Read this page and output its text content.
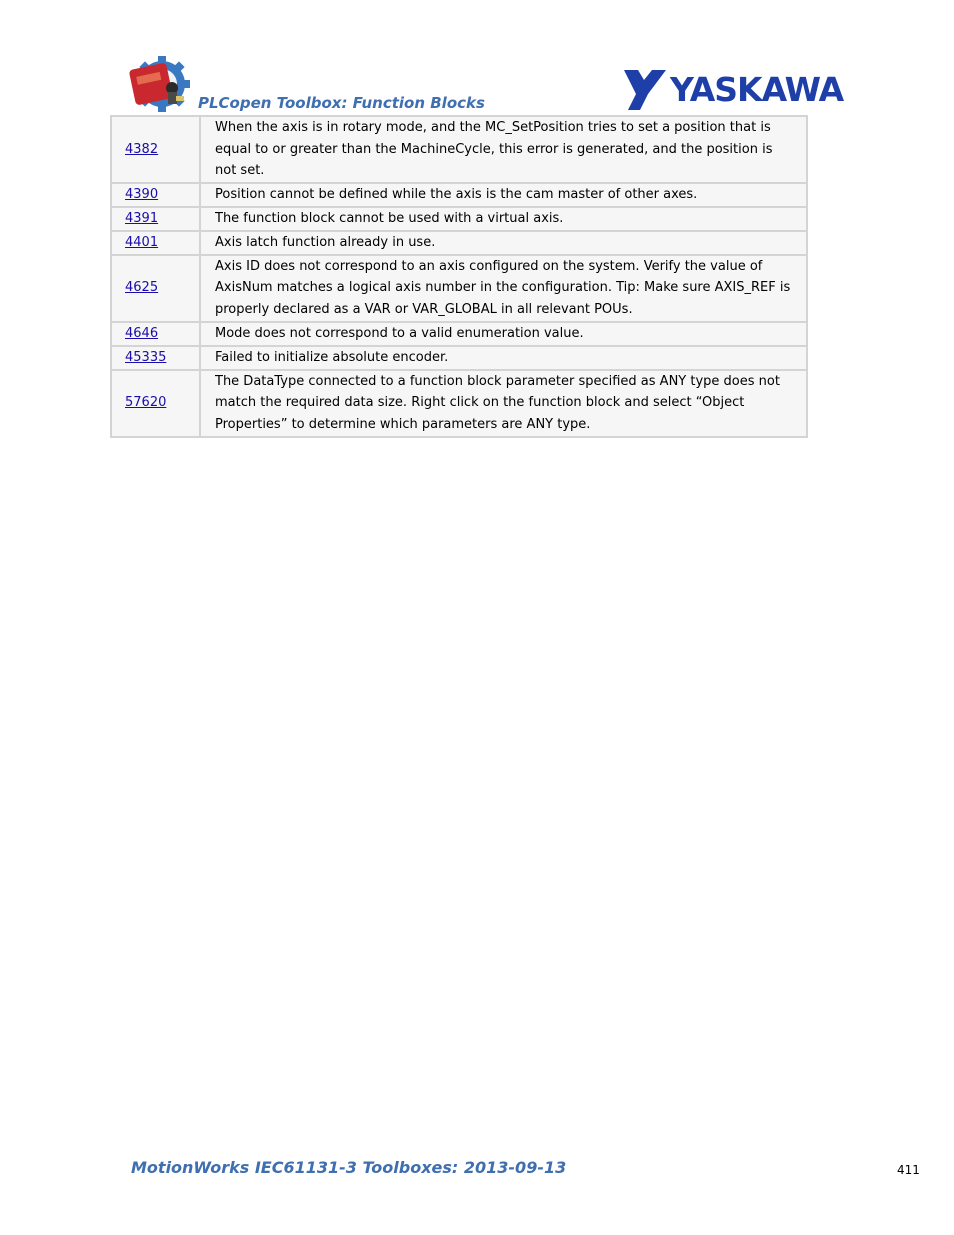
PLCopen Toolbox: Function Blocks	YASKAWA
4382	When the axis is in rotary mode, and the MC_SetPosition tries to set a position that is equal to or greater than the MachineCycle, this error is generated, and the position is not set.
4390	Position cannot be defined while the axis is the cam master of other axes.
4391	The function block cannot be used with a virtual axis.
4401	Axis latch function already in use.
4625	Axis ID does not correspond to an axis configured on the system. Verify the value of AxisNum matches a logical axis number in the configuration. Tip: Make sure AXIS_REF is properly declared as a VAR or VAR_GLOBAL in all relevant POUs.
4646	Mode does not correspond to a valid enumeration value.
45335	Failed to initialize absolute encoder.
57620	The DataType connected to a function block parameter specified as ANY type does not match the required data size. Right click on the function block and select “Object Properties” to determine which parameters are ANY type.
MotionWorks IEC61131-3 Toolboxes: 2013-09-13	411
